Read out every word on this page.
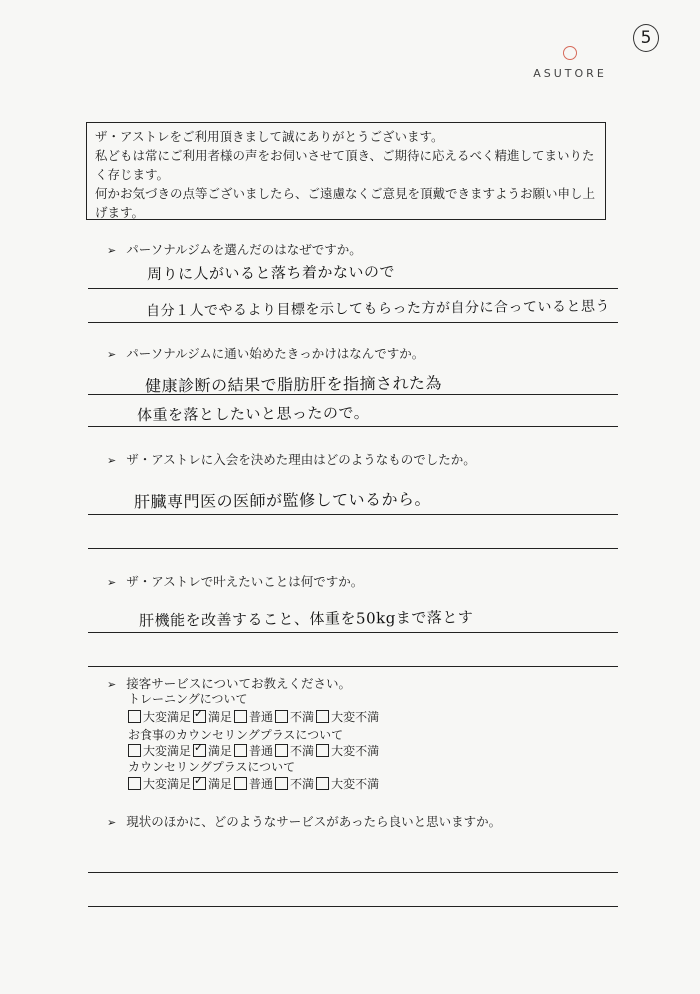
5
ASUTORE

ザ・アストレをご利用頂きまして誠にありがとうございます。

私どもは常にご利用者様の声をお伺いさせて頂き、ご期待に応えるべく精進してまいりた

く存じます。

何かお気づきの点等ございましたら、ご遠慮なくご意見を頂戴できますようお願い申し上

げます。

➢ パーソナルジムを選んだのはなぜですか。
周りに人がいると落ち着かないので
自分１人でやるより目標を示してもらった方が自分に合っていると思う
➢ パーソナルジムに通い始めたきっかけはなんですか。
健康診断の結果で脂肪肝を指摘された為
体重を落としたいと思ったので。
➢ ザ・アストレに入会を決めた理由はどのようなものでしたか。
肝臓専門医の医師が監修しているから。
➢ ザ・アストレで叶えたいことは何ですか。
肝機能を改善すること、体重を50kgまで落とす
➢ 接客サービスについてお教えください。
トレーニングについて
大変満足 ✓ 満足 普通 不満 大変不満
お食事のカウンセリングプラスについて
大変満足 ✓ 満足 普通 不満 大変不満
カウンセリングプラスについて
大変満足 ✓ 満足 普通 不満 大変不満
➢ 現状のほかに、どのようなサービスがあったら良いと思いますか。
